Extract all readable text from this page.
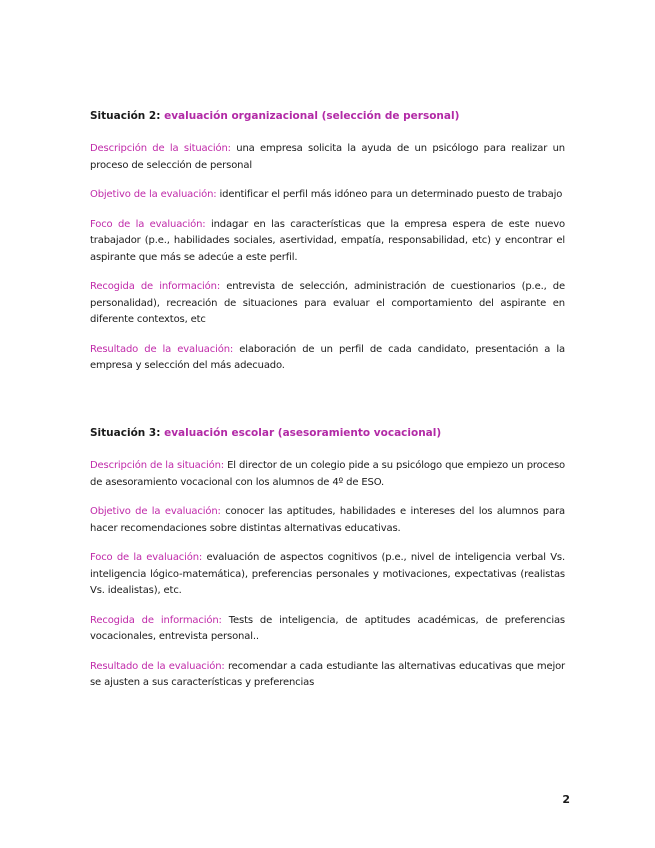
Situación 2: evaluación organizacional (selección de personal)

Descripción de la situación: una empresa solicita la ayuda de un psicólogo para realizar un proceso de selección de personal

Objetivo de la evaluación: identificar el perfil más idóneo para un determinado puesto de trabajo

Foco de la evaluación: indagar en las características que la empresa espera de este nuevo trabajador (p.e., habilidades sociales, asertividad, empatía, responsabilidad, etc) y encontrar el aspirante que más se adecúe a este perfil.

Recogida de información: entrevista de selección, administración de cuestionarios (p.e., de personalidad), recreación de situaciones para evaluar el comportamiento del aspirante en diferente contextos, etc

Resultado de la evaluación: elaboración de un perfil de cada candidato, presentación a la empresa y selección del más adecuado.

Situación 3: evaluación escolar (asesoramiento vocacional)

Descripción de la situación: El director de un colegio pide a su psicólogo que empiezo un proceso de asesoramiento vocacional con los alumnos de 4º de ESO.

Objetivo de la evaluación: conocer las aptitudes, habilidades e intereses del los alumnos para hacer recomendaciones sobre distintas alternativas educativas.

Foco de la evaluación: evaluación de aspectos cognitivos (p.e., nivel de inteligencia verbal Vs. inteligencia lógico-matemática), preferencias personales y motivaciones, expectativas (realistas Vs. idealistas), etc.

Recogida de información: Tests de inteligencia, de aptitudes académicas, de preferencias vocacionales, entrevista personal..

Resultado de la evaluación: recomendar a cada estudiante las alternativas educativas que mejor se ajusten a sus características y preferencias

2
